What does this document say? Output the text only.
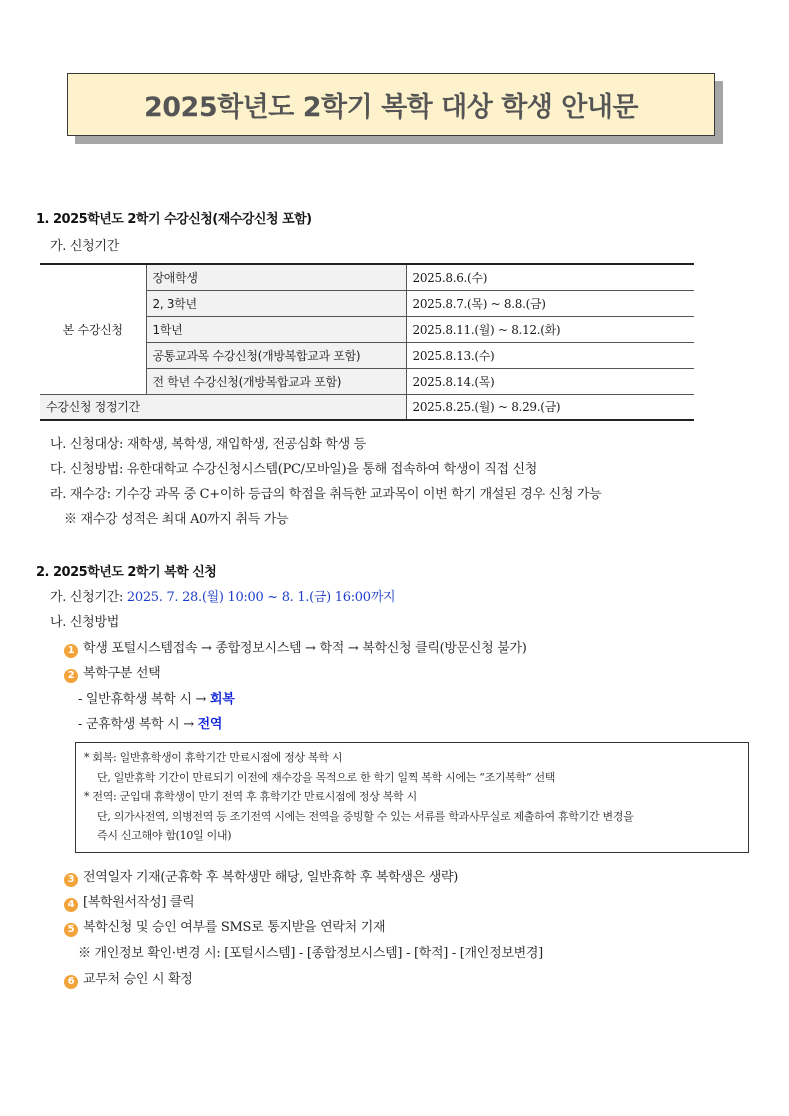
2025학년도 2학기 복학 대상 학생 안내문
1. 2025학년도 2학기 수강신청(재수강신청 포함)
가. 신청기간
본 수강신청	장애학생	2025.8.6.(수)
	2, 3학년	2025.8.7.(목) ~ 8.8.(금)
	1학년	2025.8.11.(월) ~ 8.12.(화)
	공통교과목 수강신청(개방복합교과 포함)	2025.8.13.(수)
	전 학년 수강신청(개방복합교과 포함)	2025.8.14.(목)
수강신청 정정기간		2025.8.25.(월) ~ 8.29.(금)
나. 신청대상: 재학생, 복학생, 재입학생, 전공심화 학생 등
다. 신청방법: 유한대학교 수강신청시스템(PC/모바일)을 통해 접속하여 학생이 직접 신청
라. 재수강: 기수강 과목 중 C+이하 등급의 학점을 취득한 교과목이 이번 학기 개설된 경우 신청 가능
※ 재수강 성적은 최대 A0까지 취득 가능
2. 2025학년도 2학기 복학 신청
가. 신청기간: 2025. 7. 28.(월) 10:00 ~ 8. 1.(금) 16:00까지
나. 신청방법
1 학생 포털시스템접속 → 종합정보시스템 → 학적 → 복학신청 클릭(방문신청 불가)
2 복학구분 선택
- 일반휴학생 복학 시 → 회복
- 군휴학생 복학 시 → 전역
* 회복: 일반휴학생이 휴학기간 만료시점에 정상 복학 시
단, 일반휴학 기간이 만료되기 이전에 재수강을 목적으로 한 학기 일찍 복학 시에는 “조기복학” 선택
* 전역: 군입대 휴학생이 만기 전역 후 휴학기간 만료시점에 정상 복학 시
단, 의가사전역, 의병전역 등 조기전역 시에는 전역을 증빙할 수 있는 서류를 학과사무실로 제출하여 휴학기간 변경을
즉시 신고해야 함(10일 이내)
3 전역일자 기재(군휴학 후 복학생만 해당, 일반휴학 후 복학생은 생략)
4 [복학원서작성] 클릭
5 복학신청 및 승인 여부를 SMS로 통지받을 연락처 기재
※ 개인정보 확인·변경 시: [포털시스템] - [종합정보시스템] - [학적] - [개인정보변경]
6 교무처 승인 시 확정
